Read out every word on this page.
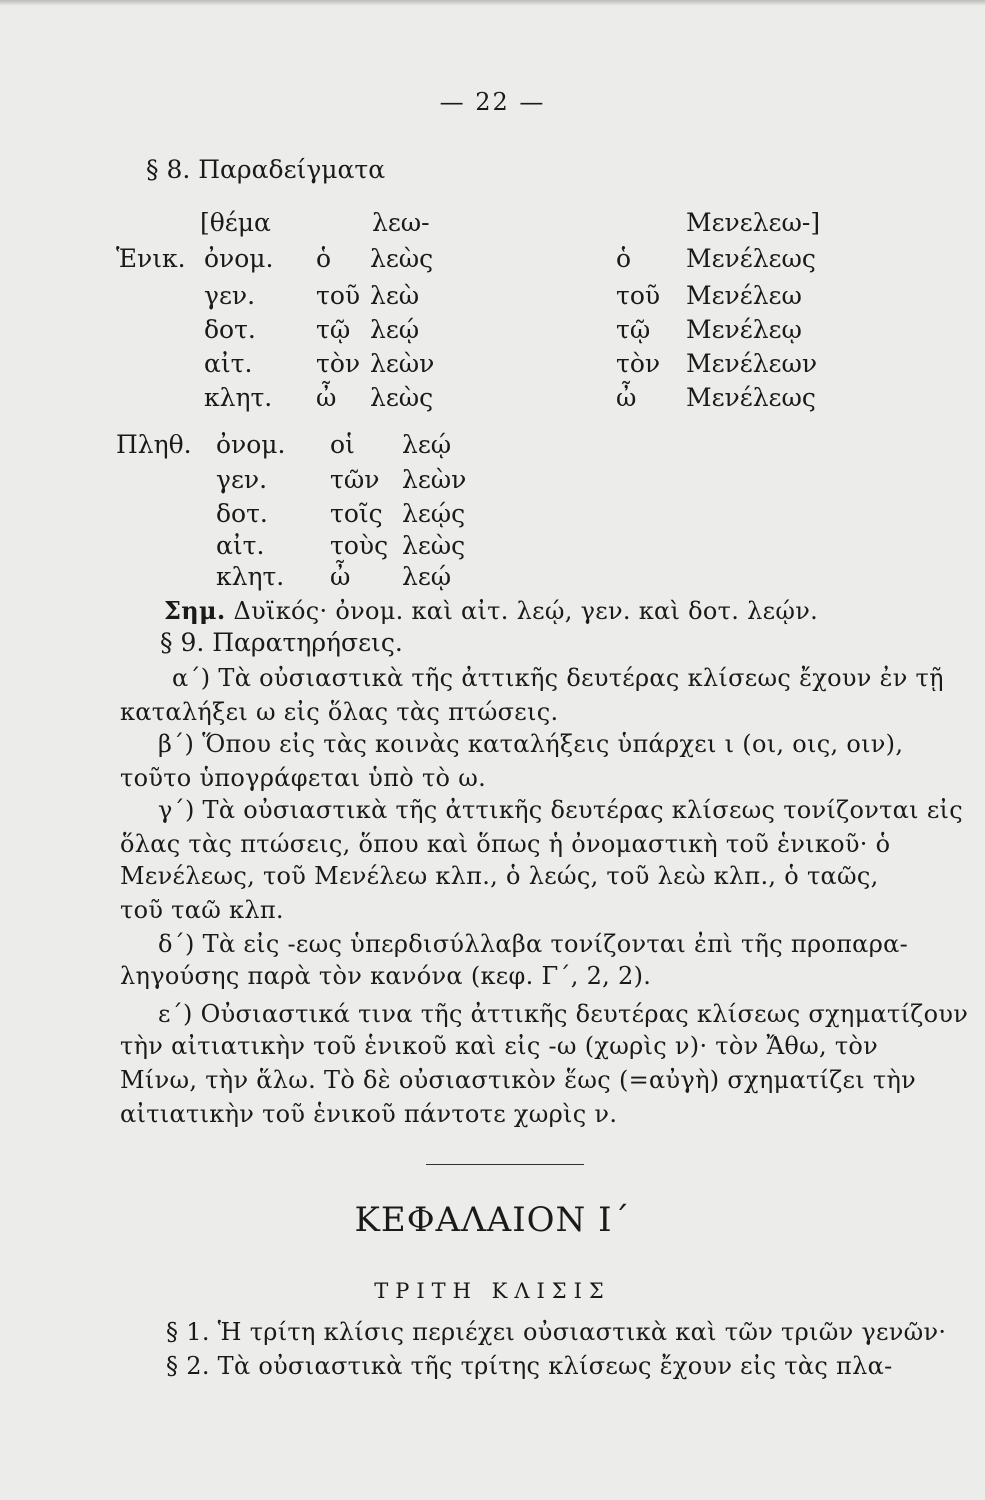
— 22 —
§ 8. Παραδείγματα
[θέμα	λεω-	Μενελεω-]
Ἑνικ. ὀνομ. ὁ λεὼς	ὁ Μενέλεως
γεν. τοῦ λεὼ	τοῦ Μενέλεω
δοτ. τῷ λεῴ	τῷ Μενέλεῳ
αἰτ.	τὸν λεὼν	τὸν Μενέλεων
κλητ. ὦ λεὼς	ὦ Μενέλεως
Πληθ. ὀνομ. οἱ λεῴ
γεν.	τῶν λεὼν
δοτ. τοῖς λεῴς
αἰτ.	τοὺς λεὼς
κλητ. ὦ λεῴ
Σημ. Δυϊκός· ὀνομ. καὶ αἰτ. λεῴ, γεν. καὶ δοτ. λεῴν.
§ 9. Παρατηρήσεις.
α΄) Τὰ οὐσιαστικὰ τῆς ἀττικῆς δευτέρας κλίσεως ἔχουν ἐν τῇ
καταλήξει ω εἰς ὅλας τὰς πτώσεις.
β΄) Ὅπου εἰς τὰς κοινὰς καταλήξεις ὑπάρχει ι (οι, οις, οιν),
τοῦτο ὑπογράφεται ὑπὸ τὸ ω.
γ΄) Τὰ οὐσιαστικὰ τῆς ἀττικῆς δευτέρας κλίσεως τονίζονται εἰς
ὅλας τὰς πτώσεις, ὅπου καὶ ὅπως ἡ ὀνομαστικὴ τοῦ ἑνικοῦ· ὁ
Μενέλεως, τοῦ Μενέλεω κλπ., ὁ λεώς, τοῦ λεὼ κλπ., ὁ ταῶς,
τοῦ ταῶ κλπ.
δ΄) Τὰ εἰς -εως ὑπερδισύλλαβα τονίζονται ἐπὶ τῆς προπαρα-
ληγούσης παρὰ τὸν κανόνα (κεφ. Γ΄, 2, 2).
ε΄) Οὐσιαστικά τινα τῆς ἀττικῆς δευτέρας κλίσεως σχηματίζουν
τὴν αἰτιατικὴν τοῦ ἑνικοῦ καὶ εἰς -ω (χωρὶς ν)· τὸν Ἄθω, τὸν
Μίνω, τὴν ἅλω. Τὸ δὲ οὐσιαστικὸν ἕως (=αὐγὴ) σχηματίζει τὴν
αἰτιατικὴν τοῦ ἑνικοῦ πάντοτε χωρὶς ν.
ΚΕΦΑΛΑΙΟΝ Ι΄
ΤΡΙΤΗ ΚΛΙΣΙΣ
§ 1. Ἡ τρίτη κλίσις περιέχει οὐσιαστικὰ καὶ τῶν τριῶν γενῶν·
§ 2. Τὰ οὐσιαστικὰ τῆς τρίτης κλίσεως ἔχουν εἰς τὰς πλα-
